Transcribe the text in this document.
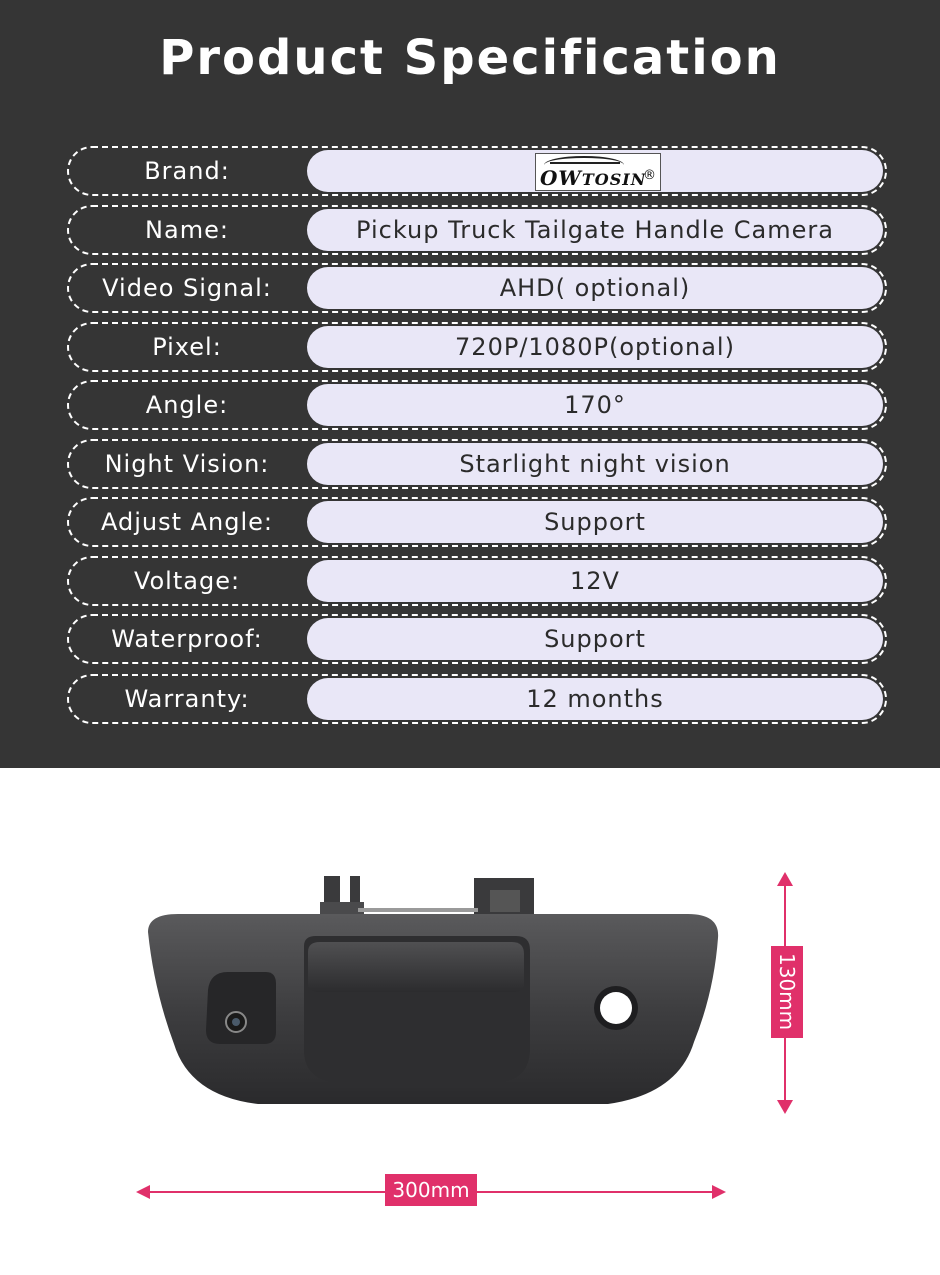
Product Specification
Brand:	OWTOSIN
®
Name:	Pickup Truck Tailgate Handle Camera
Video Signal:	AHD( optional)
Pixel:	720P/1080P(optional)
Angle:	170°
Night Vision:	Starlight night vision
Adjust Angle:	Support
Voltage:	12V
Waterproof:	Support
Warranty:	12 months
130mm
300mm
